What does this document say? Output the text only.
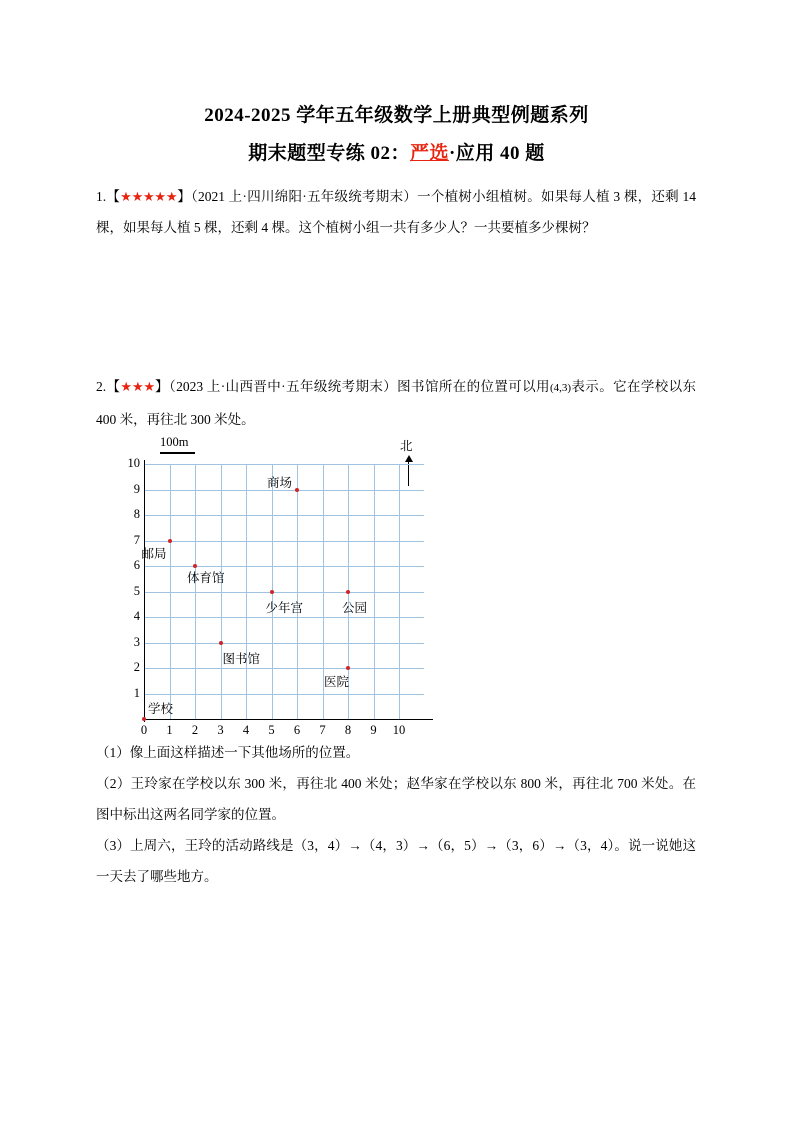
2024-2025 学年五年级数学上册典型例题系列
期末题型专练 02：严选·应用 40 题
1.【★★★★★】（2021 上·四川绵阳·五年级统考期末）一个植树小组植树。如果每人植 3 棵，还剩 14 棵，如果每人植 5 棵，还剩 4 棵。这个植树小组一共有多少人？一共要植多少棵树？
2.【★★★】（2023 上·山西晋中·五年级统考期末）图书馆所在的位置可以用(4,3)表示。它在学校以东 400 米，再往北 300 米处。
100m	北
0	1	2	3	4	5	6	7	8	9	10
1
2
3
4
5
6
7
8
9
10
商场
邮局
体育馆
少年宫	公园
图书馆
医院
学校
（1）像上面这样描述一下其他场所的位置。
（2）王玲家在学校以东 300 米，再往北 400 米处；赵华家在学校以东 800 米，再往北 700 米处。在图中标出这两名同学家的位置。
（3）上周六，王玲的活动路线是（3，4）→（4，3）→（6，5）→（3，6）→（3，4）。说一说她这一天去了哪些地方。
